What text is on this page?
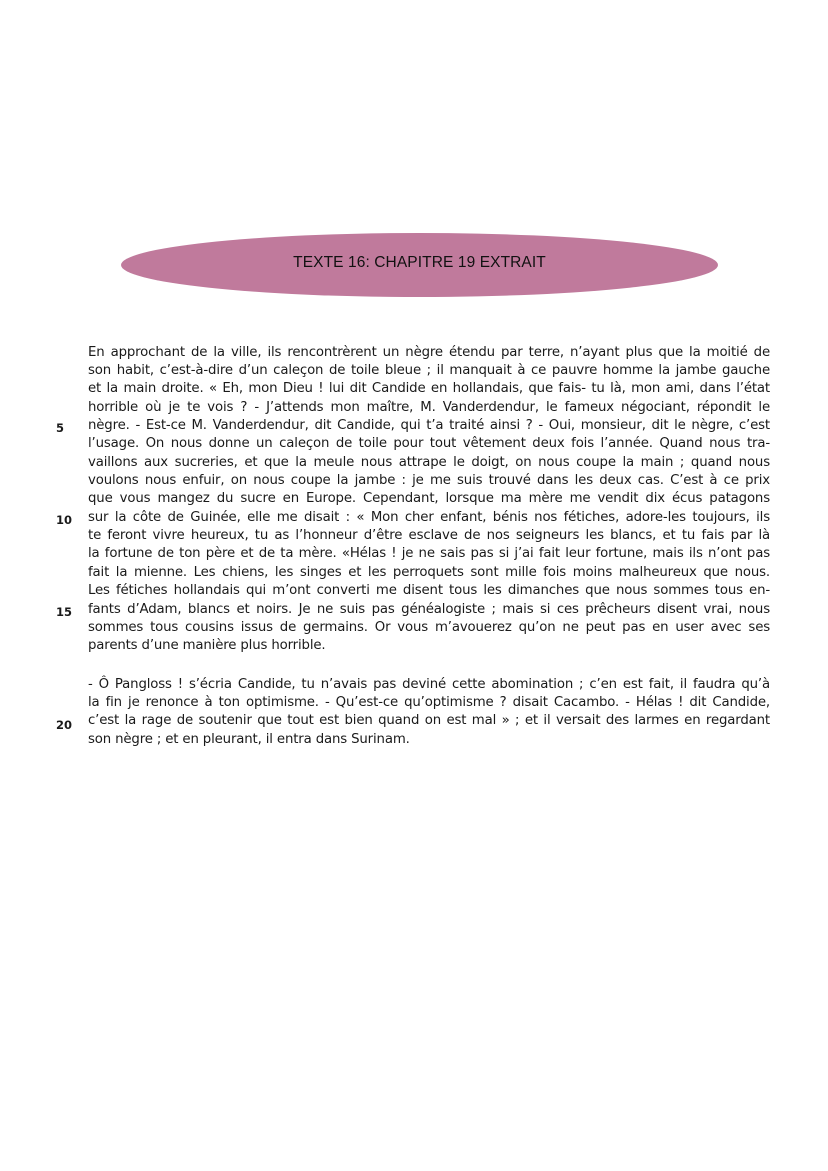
TEXTE 16: CHAPITRE 19 EXTRAIT
En approchant de la ville, ils rencontrèrent un nègre étendu par terre, n’ayant plus que la moitié de
son habit, c’est-à-dire d’un caleçon de toile bleue ; il manquait à ce pauvre homme la jambe gauche
et la main droite. « Eh, mon Dieu ! lui dit Candide en hollandais, que fais- tu là, mon ami, dans l’état
horrible où je te vois ? - J’attends mon maître, M. Vanderdendur, le fameux négociant, répondit le
nègre. - Est-ce M. Vanderdendur, dit Candide, qui t’a traité ainsi ? - Oui, monsieur, dit le nègre, c’est
l’usage. On nous donne un caleçon de toile pour tout vêtement deux fois l’année. Quand nous tra-
vaillons aux sucreries, et que la meule nous attrape le doigt, on nous coupe la main ; quand nous
voulons nous enfuir, on nous coupe la jambe : je me suis trouvé dans les deux cas. C’est à ce prix
que vous mangez du sucre en Europe. Cependant, lorsque ma mère me vendit dix écus patagons
sur la côte de Guinée, elle me disait : « Mon cher enfant, bénis nos fétiches, adore-les toujours, ils
te feront vivre heureux, tu as l’honneur d’être esclave de nos seigneurs les blancs, et tu fais par là
la fortune de ton père et de ta mère. «Hélas ! je ne sais pas si j’ai fait leur fortune, mais ils n’ont pas
fait la mienne. Les chiens, les singes et les perroquets sont mille fois moins malheureux que nous.
Les fétiches hollandais qui m’ont converti me disent tous les dimanches que nous sommes tous en-
fants d’Adam, blancs et noirs. Je ne suis pas généalogiste ; mais si ces prêcheurs disent vrai, nous
sommes tous cousins issus de germains. Or vous m’avouerez qu’on ne peut pas en user avec ses
parents d’une manière plus horrible.
- Ô Pangloss ! s’écria Candide, tu n’avais pas deviné cette abomination ; c’en est fait, il faudra qu’à
la fin je renonce à ton optimisme. - Qu’est-ce qu’optimisme ? disait Cacambo. - Hélas ! dit Candide,
c’est la rage de soutenir que tout est bien quand on est mal » ; et il versait des larmes en regardant
son nègre ; et en pleurant, il entra dans Surinam.
5
10
15
20
